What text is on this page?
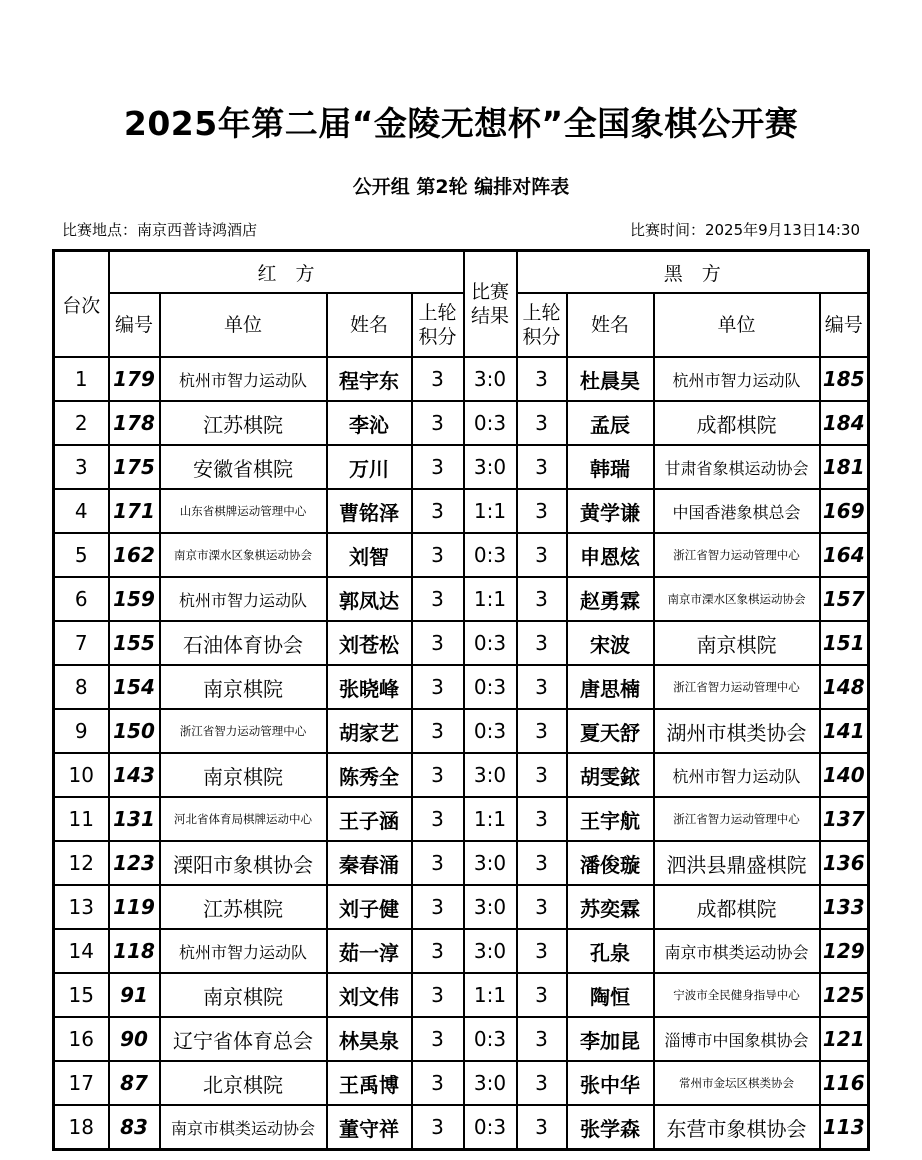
2025年第二届“金陵无想杯”全国象棋公开赛
公开组 第2轮 编排对阵表
比赛地点：南京西普诗鸿酒店	比赛时间：2025年9月13日14:30
台次	红　方				比赛结果	黑　方			
	编号	单位	姓名	上轮积分		上轮积分	姓名	单位	编号
1	179	杭州市智力运动队	程宇东	3	3:0	3	杜晨昊	杭州市智力运动队	185
2	178	江苏棋院	李沁	3	0:3	3	孟辰	成都棋院	184
3	175	安徽省棋院	万川	3	3:0	3	韩瑞	甘肃省象棋运动协会	181
4	171	山东省棋牌运动管理中心	曹铭泽	3	1:1	3	黄学谦	中国香港象棋总会	169
5	162	南京市溧水区象棋运动协会	刘智	3	0:3	3	申恩炫	浙江省智力运动管理中心	164
6	159	杭州市智力运动队	郭凤达	3	1:1	3	赵勇霖	南京市溧水区象棋运动协会	157
7	155	石油体育协会	刘苍松	3	0:3	3	宋波	南京棋院	151
8	154	南京棋院	张晓峰	3	0:3	3	唐思楠	浙江省智力运动管理中心	148
9	150	浙江省智力运动管理中心	胡家艺	3	0:3	3	夏天舒	湖州市棋类协会	141
10	143	南京棋院	陈秀全	3	3:0	3	胡雯銥	杭州市智力运动队	140
11	131	河北省体育局棋牌运动中心	王子涵	3	1:1	3	王宇航	浙江省智力运动管理中心	137
12	123	溧阳市象棋协会	秦春涌	3	3:0	3	潘俊璇	泗洪县鼎盛棋院	136
13	119	江苏棋院	刘子健	3	3:0	3	苏奕霖	成都棋院	133
14	118	杭州市智力运动队	茹一淳	3	3:0	3	孔泉	南京市棋类运动协会	129
15	91	南京棋院	刘文伟	3	1:1	3	陶恒	宁波市全民健身指导中心	125
16	90	辽宁省体育总会	林昊泉	3	0:3	3	李加昆	淄博市中国象棋协会	121
17	87	北京棋院	王禹博	3	3:0	3	张中华	常州市金坛区棋类协会	116
18	83	南京市棋类运动协会	董守祥	3	0:3	3	张学森	东营市象棋协会	113
